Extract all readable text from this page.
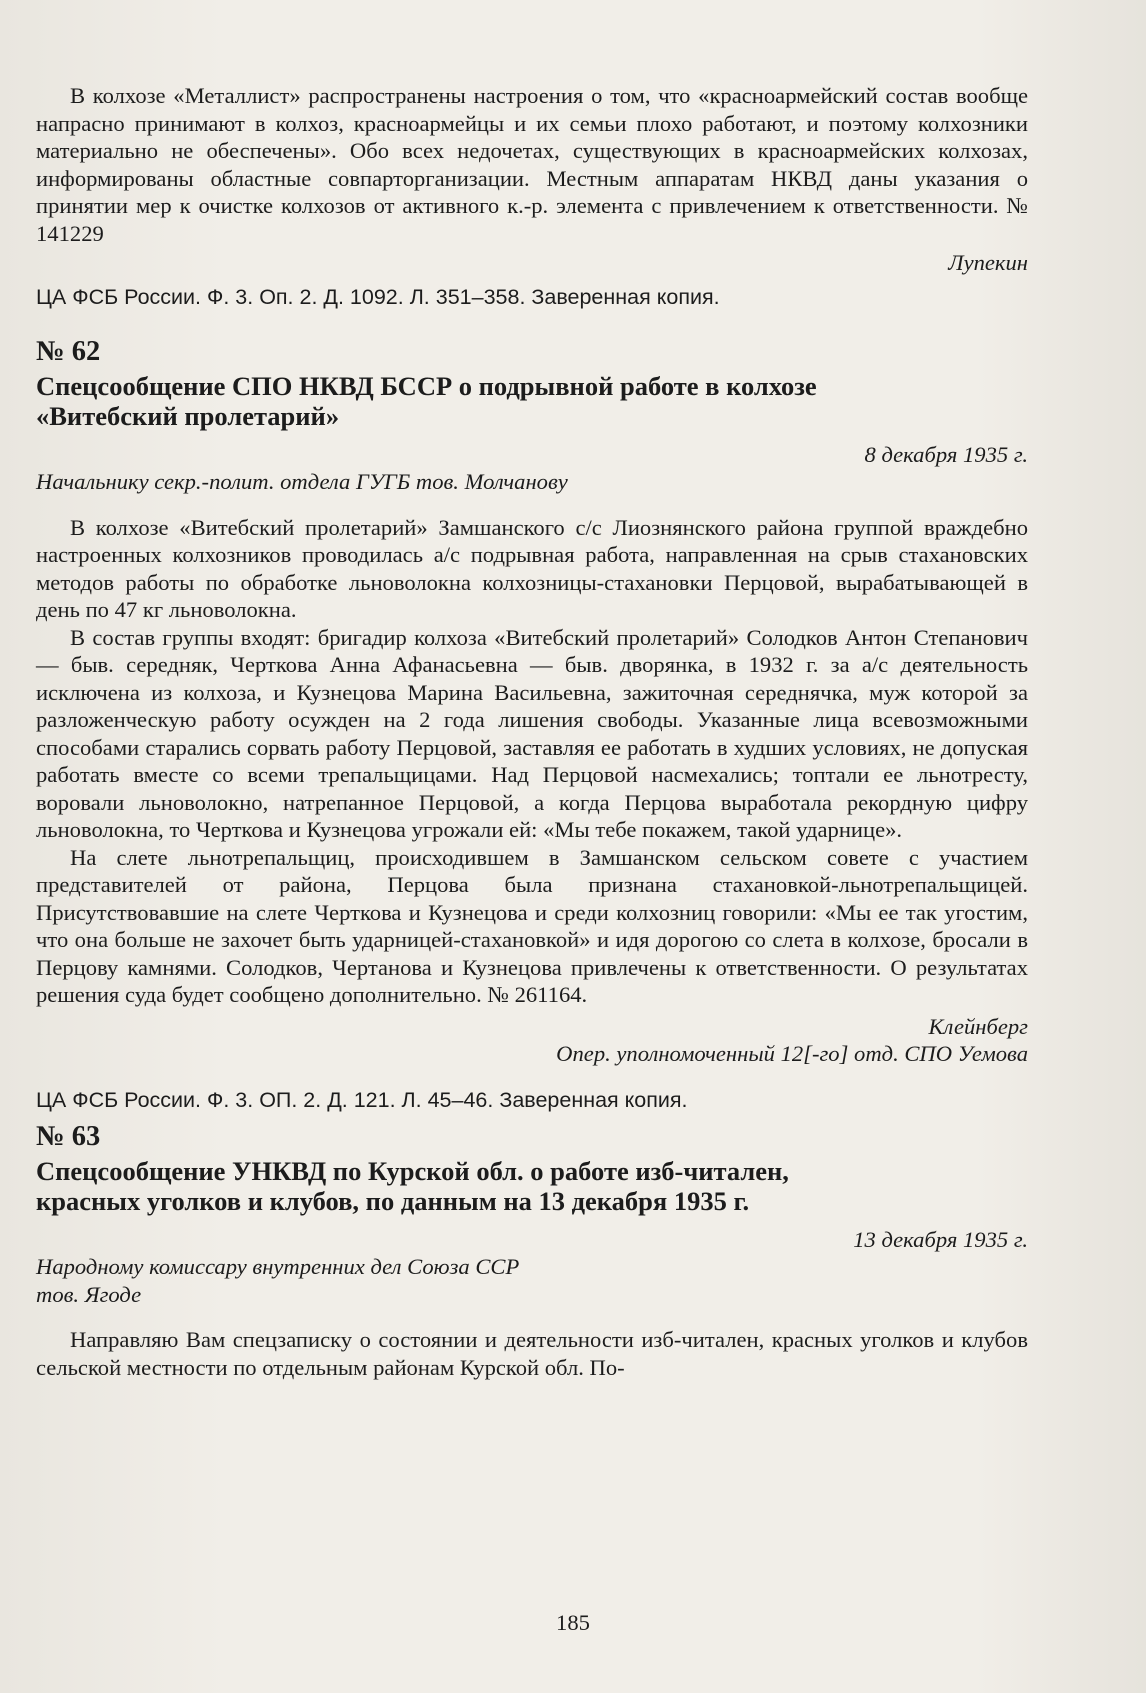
В колхозе «Металлист» распространены настроения о том, что «красноармейский состав вообще напрасно принимают в колхоз, красноармейцы и их семьи плохо работают, и поэтому колхозники материально не обеспечены». Обо всех недочетах, существующих в красноармейских колхозах, информированы областные совпарторганизации. Местным аппаратам НКВД даны указания о принятии мер к очистке колхозов от активного к.-р. элемента с привлечением к ответственности. № 141229

Лупекин

ЦА ФСБ России. Ф. 3. Оп. 2. Д. 1092. Л. 351–358. Заверенная копия.

№ 62

Спецсообщение СПО НКВД БССР о подрывной работе в колхозе

«Витебский пролетарий»

8 декабря 1935 г.

Начальнику секр.-полит. отдела ГУГБ тов. Молчанову

В колхозе «Витебский пролетарий» Замшанского с/с Лиознянского района группой враждебно настроенных колхозников проводилась а/с подрывная работа, направленная на срыв стахановских методов работы по обработке льноволокна колхозницы-стахановки Перцовой, вырабатывающей в день по 47 кг льноволокна.

В состав группы входят: бригадир колхоза «Витебский пролетарий» Солодков Антон Степанович — быв. середняк, Черткова Анна Афанасьевна — быв. дворянка, в 1932 г. за а/с деятельность исключена из колхоза, и Кузнецова Марина Васильевна, зажиточная середнячка, муж которой за разложенческую работу осужден на 2 года лишения свободы. Указанные лица всевозможными способами старались сорвать работу Перцовой, заставляя ее работать в худших условиях, не допуская работать вместе со всеми трепальщицами. Над Перцовой насмехались; топтали ее льнотресту, воровали льноволокно, натрепанное Перцовой, а когда Перцова выработала рекордную цифру льноволокна, то Черткова и Кузнецова угрожали ей: «Мы тебе покажем, такой ударнице».

На слете льнотрепальщиц, происходившем в Замшанском сельском совете с участием представителей от района, Перцова была признана стахановкой-льнотрепальщицей. Присутствовавшие на слете Черткова и Кузнецова и среди колхозниц говорили: «Мы ее так угостим, что она больше не захочет быть ударницей-стахановкой» и идя дорогою со слета в колхозе, бросали в Перцову камнями. Солодков, Чертанова и Кузнецова привлечены к ответственности. О результатах решения суда будет сообщено дополнительно. № 261164.

Клейнберг

Опер. уполномоченный 12[-го] отд. СПО Уемова

ЦА ФСБ России. Ф. 3. ОП. 2. Д. 121. Л. 45–46. Заверенная копия.

№ 63

Спецсообщение УНКВД по Курской обл. о работе изб-читален,

красных уголков и клубов, по данным на 13 декабря 1935 г.

13 декабря 1935 г.

Народному комиссару внутренних дел Союза ССР

тов. Ягоде

Направляю Вам спецзаписку о состоянии и деятельности изб-читален, красных уголков и клубов сельской местности по отдельным районам Курской обл. По-

185
